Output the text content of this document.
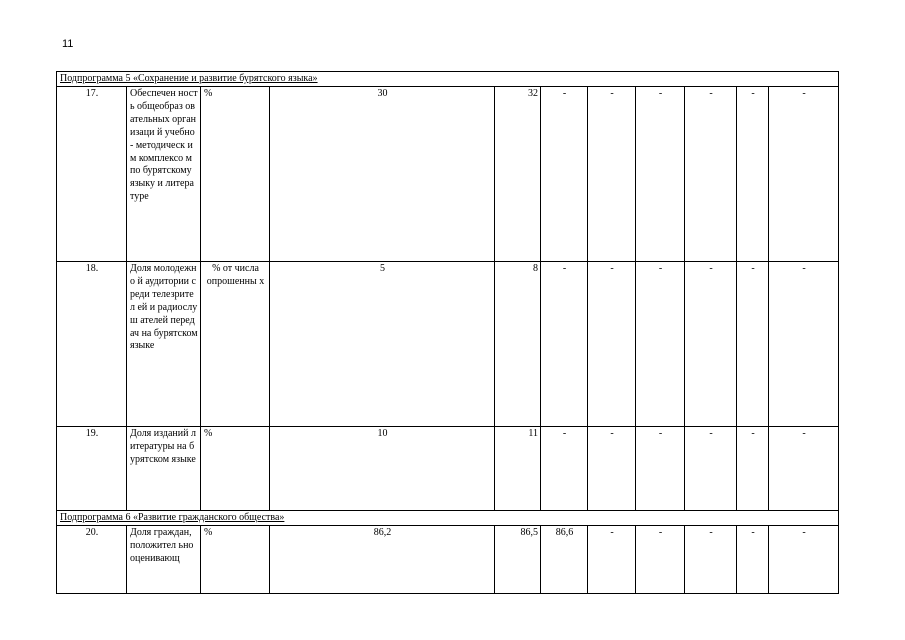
11
Подпрограмма 5 «Сохранение и развитие бурятского языка»										
17.	Обеспечен ность общеобраз овательных организаци й учебно- методическ им комплексо м по бурятскому языку и литературе	%	30	32	-	-	-	-	-	-
18.	Доля молодежно й аудитории среди телезрител ей и радиослуш ателей передач на бурятском языке	% от числа опрошенны х	5	8	-	-	-	-	-	-
19.	Доля изданий литературы на бурятском языке	%	10	11	-	-	-	-	-	-
Подпрограмма 6 «Развитие гражданского общества»										
20.	Доля граждан, положител ьно оценивающ	%	86,2	86,5	86,6	-	-	-	-	-
